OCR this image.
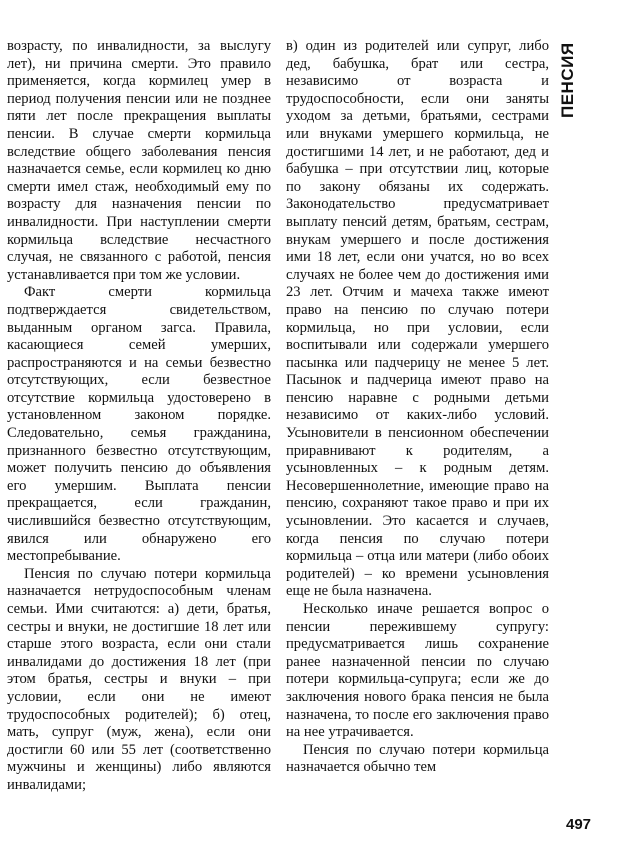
возрасту, по инвалидности, за выслугу лет), ни причина смерти. Это правило применяется, когда кормилец умер в период получения пенсии или не позднее пяти лет после прекращения выплаты пенсии. В случае смерти кормильца вследствие общего заболевания пенсия назначается семье, если кормилец ко дню смерти имел стаж, необходимый ему по возрасту для назначения пенсии по инвалидности. При наступлении смерти кормильца вследствие несчастного случая, не связанного с работой, пенсия устанавливается при том же условии.

Факт смерти кормильца подтверждается свидетельством, выданным органом загса. Правила, касающиеся семей умерших, распространяются и на семьи безвестно отсутствующих, если безвестное отсутствие кормильца удостоверено в установленном законом порядке. Следовательно, семья гражданина, признанного безвестно отсутствующим, может получить пенсию до объявления его умершим. Выплата пенсии прекращается, если гражданин, числившийся безвестно отсутствующим, явился или обнаружено его местопребывание.

Пенсия по случаю потери кормильца назначается нетрудоспособным членам семьи. Ими считаются: а) дети, братья, сестры и внуки, не достигшие 18 лет или старше этого возраста, если они стали инвалидами до достижения 18 лет (при этом братья, сестры и внуки – при условии, если они не имеют трудоспособных родителей); б) отец, мать, супруг (муж, жена), если они достигли 60 или 55 лет (соответственно мужчины и женщины) либо являются инвалидами;

в) один из родителей или супруг, либо дед, бабушка, брат или сестра, независимо от возраста и трудоспособности, если они заняты уходом за детьми, братьями, сестрами или внуками умершего кормильца, не достигшими 14 лет, и не работают, дед и бабушка – при отсутствии лиц, которые по закону обязаны их содержать. Законодательство предусматривает выплату пенсий детям, братьям, сестрам, внукам умершего и после достижения ими 18 лет, если они учатся, но во всех случаях не более чем до достижения ими 23 лет. Отчим и мачеха также имеют право на пенсию по случаю потери кормильца, но при условии, если воспитывали или содержали умершего пасынка или падчерицу не менее 5 лет. Пасынок и падчерица имеют право на пенсию наравне с родными детьми независимо от каких-либо условий. Усыновители в пенсионном обеспечении приравнивают к родителям, а усыновленных – к родным детям. Несовершеннолетние, имеющие право на пенсию, сохраняют такое право и при их усыновлении. Это касается и случаев, когда пенсия по случаю потери кормильца – отца или матери (либо обоих родителей) – ко времени усыновления еще не была назначена.

Несколько иначе решается вопрос о пенсии пережившему супругу: предусматривается лишь сохранение ранее назначенной пенсии по случаю потери кормильца-супруга; если же до заключения нового брака пенсия не была назначена, то после его заключения право на нее утрачивается.

Пенсия по случаю потери кормильца назначается обычно тем

ПЕНСИЯ
497
